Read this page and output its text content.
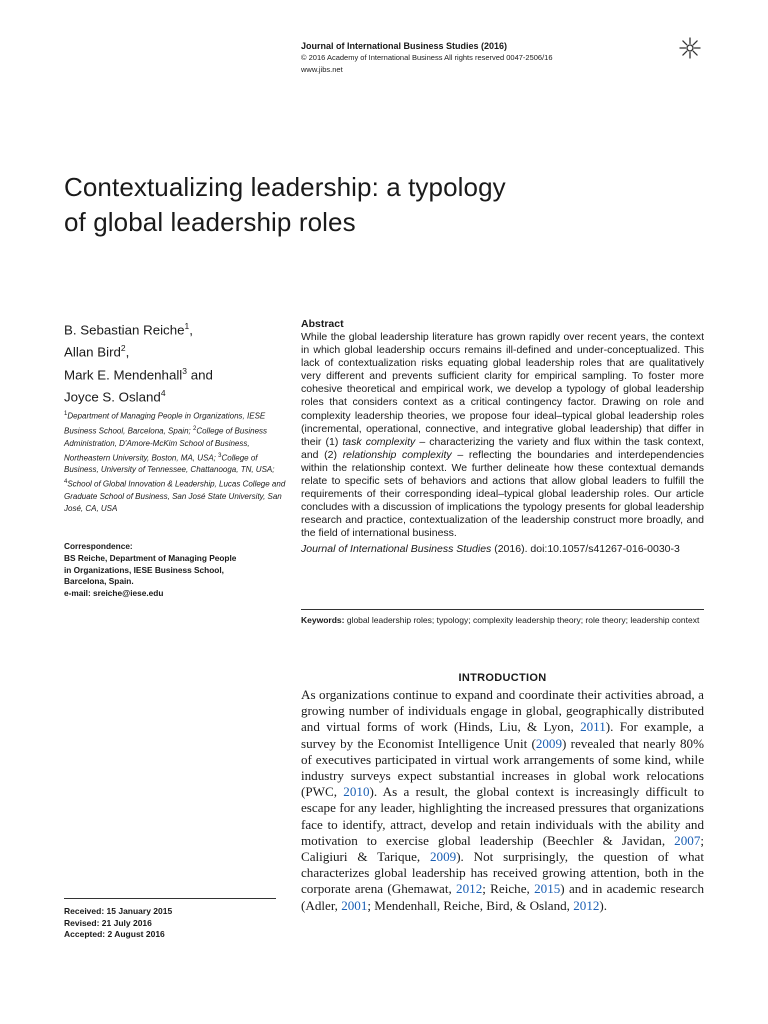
Journal of International Business Studies (2016)
© 2016 Academy of International Business All rights reserved 0047-2506/16
www.jibs.net
Contextualizing leadership: a typology
of global leadership roles
B. Sebastian Reiche$^1$,
Allan Bird$^2$,
Mark E. Mendenhall$^3$ and
Joyce S. Osland$^4$
$^1$Department of Managing People in Organizations, IESE Business School, Barcelona, Spain; $^2$College of Business Administration, D'Amore-McKim School of Business, Northeastern University, Boston, MA, USA; $^3$College of Business, University of Tennessee, Chattanooga, TN, USA; $^4$School of Global Innovation & Leadership, Lucas College and Graduate School of Business, San José State University, San José, CA, USA
Correspondence:
BS Reiche, Department of Managing People
in Organizations, IESE Business School,
Barcelona, Spain.
e-mail: sreiche@iese.edu
Received: 15 January 2015
Revised: 21 July 2016
Accepted: 2 August 2016
Abstract
While the global leadership literature has grown rapidly over recent years, the context in which global leadership occurs remains ill-defined and under-conceptualized. This lack of contextualization risks equating global leadership roles that are qualitatively very different and prevents sufficient clarity for empirical sampling. To foster more cohesive theoretical and empirical work, we develop a typology of global leadership roles that considers context as a critical contingency factor. Drawing on role and complexity leadership theories, we propose four ideal–typical global leadership roles (incremental, operational, connective, and integrative global leadership) that differ in their (1) task complexity – characterizing the variety and flux within the task context, and (2) relationship complexity – reflecting the boundaries and interdependencies within the relationship context. We further delineate how these contextual demands relate to specific sets of behaviors and actions that allow global leaders to fulfill the requirements of their corresponding ideal–typical global leadership roles. Our article concludes with a discussion of implications the typology presents for global leadership research and practice, contextualization of the leadership construct more broadly, and the field of international business.
Journal of International Business Studies (2016). doi:10.1057/s41267-016-0030-3
Keywords: global leadership roles; typology; complexity leadership theory; role theory; leadership context
INTRODUCTION
As organizations continue to expand and coordinate their activities abroad, a growing number of individuals engage in global, geographically distributed and virtual forms of work (Hinds, Liu, & Lyon, 2011). For example, a survey by the Economist Intelligence Unit (2009) revealed that nearly 80% of executives participated in virtual work arrangements of some kind, while industry surveys expect substantial increases in global work relocations (PWC, 2010). As a result, the global context is increasingly difficult to escape for any leader, highlighting the increased pressures that organizations face to identify, attract, develop and retain individuals with the ability and motivation to exercise global leadership (Beechler & Javidan, 2007; Caligiuri & Tarique, 2009). Not surprisingly, the question of what characterizes global leadership has received growing attention, both in the corporate arena (Ghemawat, 2012; Reiche, 2015) and in academic research (Adler, 2001; Mendenhall, Reiche, Bird, & Osland, 2012).
